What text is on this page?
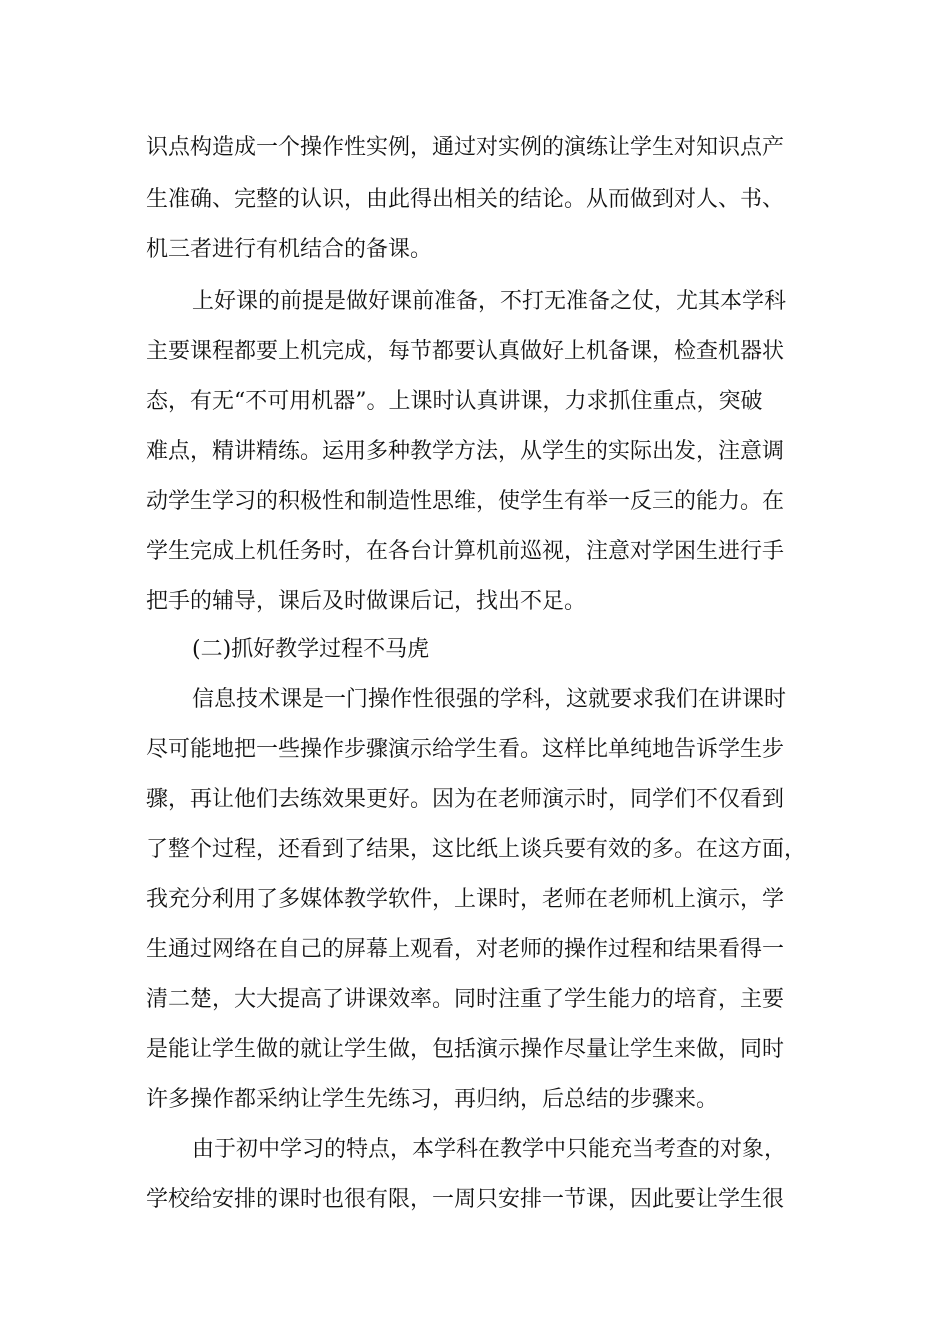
识点构造成一个操作性实例，通过对实例的演练让学生对知识点产
生准确、完整的认识，由此得出相关的结论。从而做到对人、书、
机三者进行有机结合的备课。
上好课的前提是做好课前准备，不打无准备之仗，尤其本学科
主要课程都要上机完成，每节都要认真做好上机备课，检查机器状
态，有无“不可用机器”。上课时认真讲课，力求抓住重点，突破
难点，精讲精练。运用多种教学方法，从学生的实际出发，注意调
动学生学习的积极性和制造性思维，使学生有举一反三的能力。在
学生完成上机任务时，在各台计算机前巡视，注意对学困生进行手
把手的辅导，课后及时做课后记，找出不足。
(二)抓好教学过程不马虎
信息技术课是一门操作性很强的学科，这就要求我们在讲课时
尽可能地把一些操作步骤演示给学生看。这样比单纯地告诉学生步
骤，再让他们去练效果更好。因为在老师演示时，同学们不仅看到
了整个过程，还看到了结果，这比纸上谈兵要有效的多。在这方面，
我充分利用了多媒体教学软件，上课时，老师在老师机上演示，学
生通过网络在自己的屏幕上观看，对老师的操作过程和结果看得一
清二楚，大大提高了讲课效率。同时注重了学生能力的培育，主要
是能让学生做的就让学生做，包括演示操作尽量让学生来做，同时
许多操作都采纳让学生先练习，再归纳，后总结的步骤来。
由于初中学习的特点，本学科在教学中只能充当考查的对象，
学校给安排的课时也很有限，一周只安排一节课，因此要让学生很
